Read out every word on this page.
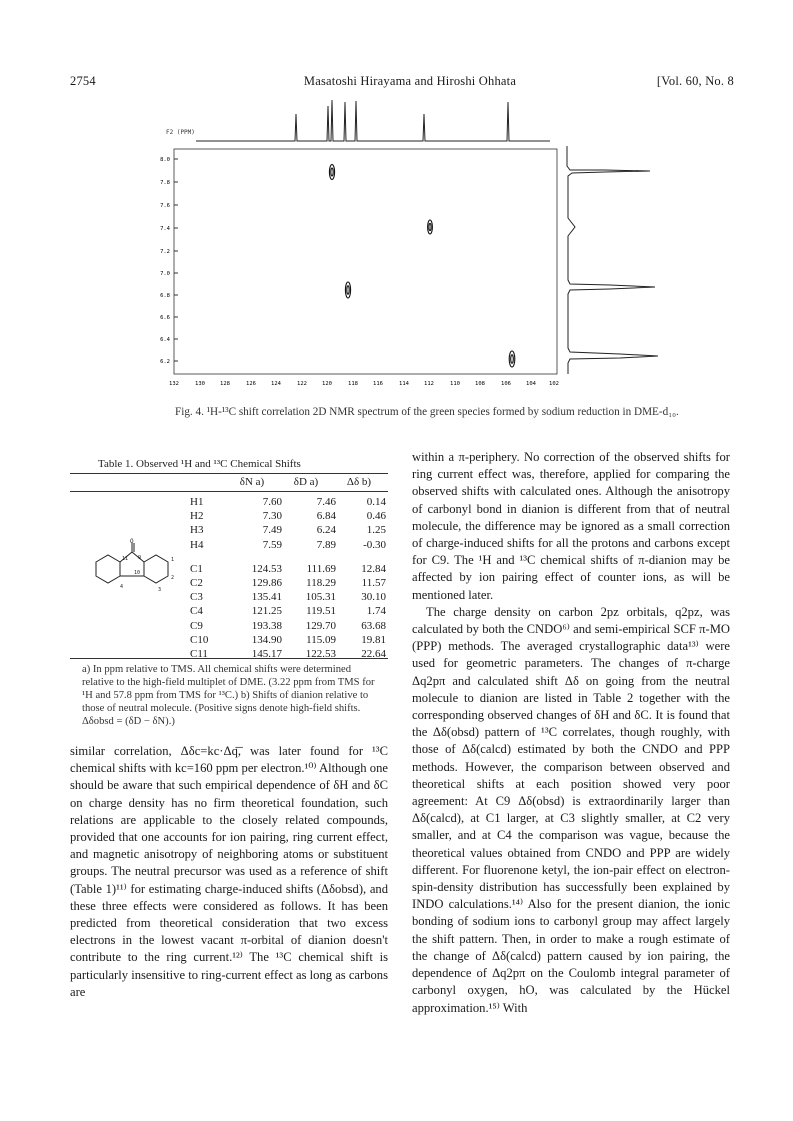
2754	Masatoshi Hirayama and Hiroshi Ohhata	[Vol. 60, No. 8
F2 (PPM)
8.0
7.8
7.6
7.4
7.2
7.0
6.8
6.6
6.4
6.2
132	130	128	126	124	122	120	118	116	114	112	110	108	106	104 102
Fig. 4. ¹H-¹³C shift correlation 2D NMR spectrum of the green species formed by sodium reduction in DME-d₁₀.
Table 1. Observed ¹H and ¹³C Chemical Shifts
δN a)	δD a)	Δδ b)
H1	7.60	7.46	0.14
H2	7.30	6.84	0.46
H3	7.49	6.24	1.25
H4	7.59	7.89	-0.30
C1	124.53	111.69	12.84
C2	129.86	118.29	11.57
C3	135.41	105.31	30.10
C4	121.25	119.51	1.74
C9	193.38	129.70	63.68
C10	134.90	115.09	19.81
C11	145.17	122.53	22.64
O
11 9
10
1
2
3
4
a) In ppm relative to TMS. All chemical shifts were determined relative to the high-field multiplet of DME. (3.22 ppm from TMS for ¹H and 57.8 ppm from TMS for ¹³C.) b) Shifts of dianion relative to those of neutral molecule. (Positive signs denote high-field shifts. Δδobsd = (δD − δN).)

similar correlation, Δδc=kc·Δq͞, was later found for ¹³C chemical shifts with kc=160 ppm per electron.¹⁰⁾ Although one should be aware that such empirical dependence of δH and δC on charge density has no firm theoretical foundation, such relations are applicable to the closely related compounds, provided that one accounts for ion pairing, ring current effect, and magnetic anisotropy of neighboring atoms or substituent groups. The neutral precursor was used as a reference of shift (Table 1)¹¹⁾ for estimating charge-induced shifts (Δδobsd), and these three effects were considered as follows. It has been predicted from theoretical consideration that two excess electrons in the lowest vacant π-orbital of dianion doesn't contribute to the ring current.¹²⁾ The ¹³C chemical shift is particularly insensitive to ring-current effect as long as carbons are

within a π-periphery. No correction of the observed shifts for ring current effect was, therefore, applied for comparing the observed shifts with calculated ones. Although the anisotropy of carbonyl bond in dianion is different from that of neutral molecule, the difference may be ignored as a small correction of charge-induced shifts for all the protons and carbons except for C9. The ¹H and ¹³C chemical shifts of π-dianion may be affected by ion pairing effect of counter ions, as will be mentioned later.

The charge density on carbon 2pz orbitals, q2pz, was calculated by both the CNDO⁶⁾ and semi-empirical SCF π-MO (PPP) methods. The averaged crystallographic data¹³⁾ were used for geometric parameters. The changes of π-charge Δq2pπ and calculated shift Δδ on going from the neutral molecule to dianion are listed in Table 2 together with the corresponding observed changes of δH and δC. It is found that the Δδ(obsd) pattern of ¹³C correlates, though roughly, with those of Δδ(calcd) estimated by both the CNDO and PPP methods. However, the comparison between observed and theoretical shifts at each position showed very poor agreement: At C9 Δδ(obsd) is extraordinarily larger than Δδ(calcd), at C1 larger, at C3 slightly smaller, at C2 very smaller, and at C4 the comparison was vague, because the theoretical values obtained from CNDO and PPP are widely different. For fluorenone ketyl, the ion-pair effect on electron-spin-density distribution has successfully been explained by INDO calculations.¹⁴⁾ Also for the present dianion, the ionic bonding of sodium ions to carbonyl group may affect largely the shift pattern. Then, in order to make a rough estimate of the change of Δδ(calcd) pattern caused by ion pairing, the dependence of Δq2pπ on the Coulomb integral parameter of carbonyl oxygen, hO, was calculated by the Hückel approximation.¹⁵⁾ With
